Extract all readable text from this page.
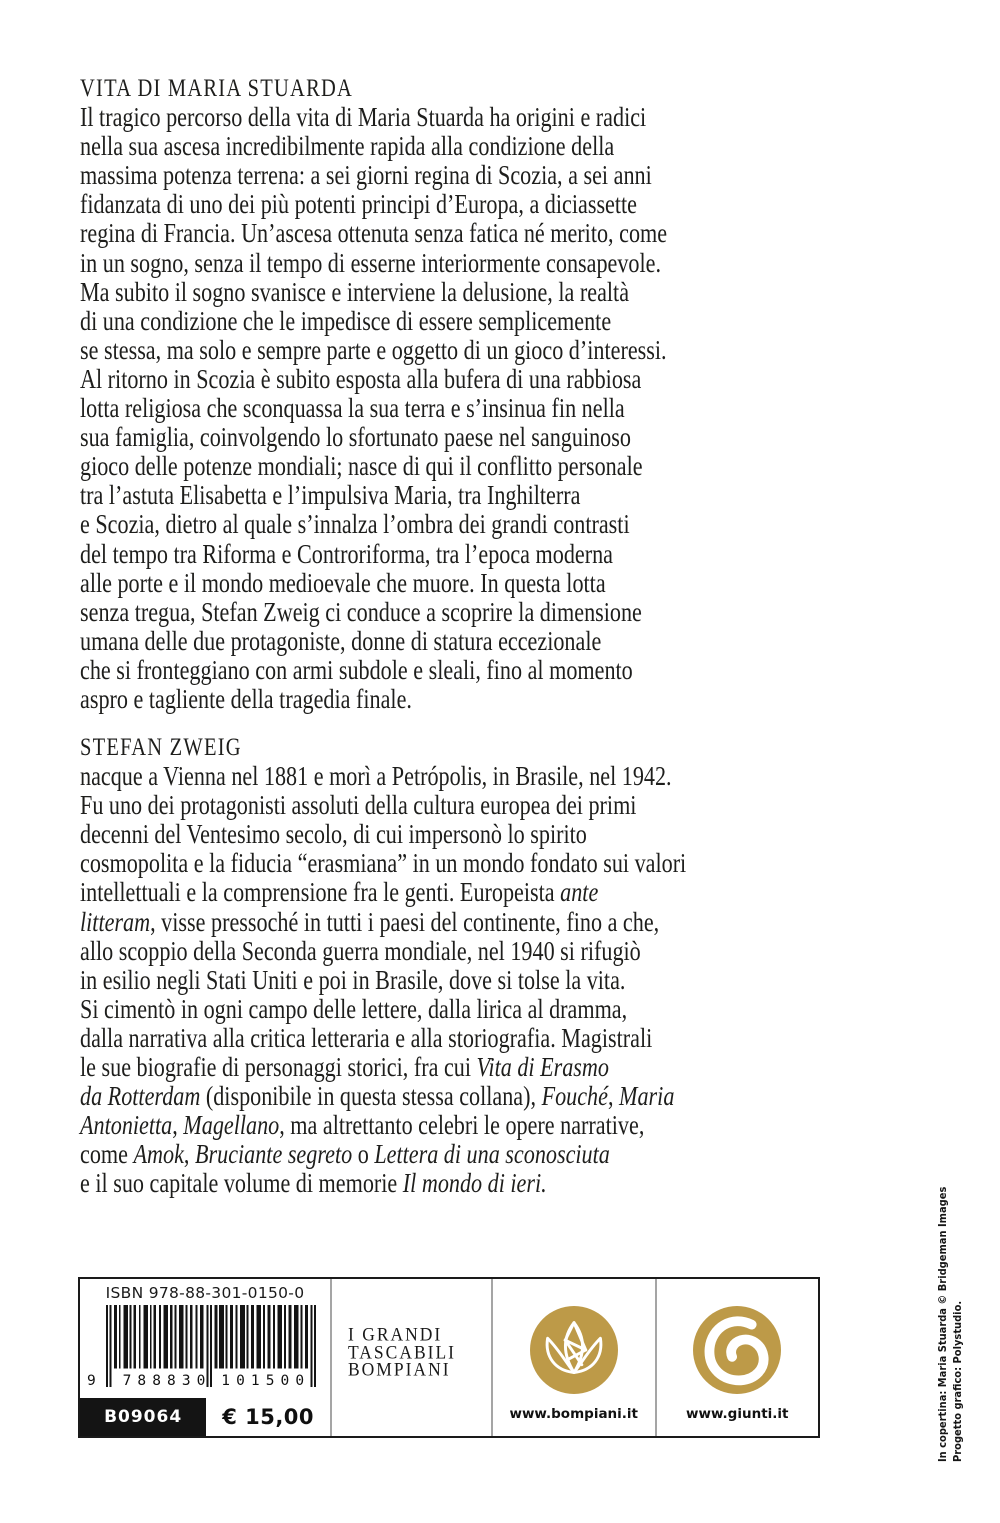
VITA DI MARIA STUARDA
Il tragico percorso della vita di Maria Stuarda ha origini e radici
nella sua ascesa incredibilmente rapida alla condizione della
massima potenza terrena: a sei giorni regina di Scozia, a sei anni
fidanzata di uno dei più potenti principi d’Europa, a diciassette
regina di Francia. Un’ascesa ottenuta senza fatica né merito, come
in un sogno, senza il tempo di esserne interiormente consapevole.
Ma subito il sogno svanisce e interviene la delusione, la realtà
di una condizione che le impedisce di essere semplicemente
se stessa, ma solo e sempre parte e oggetto di un gioco d’interessi.
Al ritorno in Scozia è subito esposta alla bufera di una rabbiosa
lotta religiosa che sconquassa la sua terra e s’insinua fin nella
sua famiglia, coinvolgendo lo sfortunato paese nel sanguinoso
gioco delle potenze mondiali; nasce di qui il conflitto personale
tra l’astuta Elisabetta e l’impulsiva Maria, tra Inghilterra
e Scozia, dietro al quale s’innalza l’ombra dei grandi contrasti
del tempo tra Riforma e Controriforma, tra l’epoca moderna
alle porte e il mondo medioevale che muore. In questa lotta
senza tregua, Stefan Zweig ci conduce a scoprire la dimensione
umana delle due protagoniste, donne di statura eccezionale
che si fronteggiano con armi subdole e sleali, fino al momento
aspro e tagliente della tragedia finale.
STEFAN ZWEIG
nacque a Vienna nel 1881 e morì a Petrópolis, in Brasile, nel 1942.
Fu uno dei protagonisti assoluti della cultura europea dei primi
decenni del Ventesimo secolo, di cui impersonò lo spirito
cosmopolita e la fiducia “erasmiana” in un mondo fondato sui valori
intellettuali e la comprensione fra le genti. Europeista ante
litteram, visse pressoché in tutti i paesi del continente, fino a che,
allo scoppio della Seconda guerra mondiale, nel 1940 si rifugiò
in esilio negli Stati Uniti e poi in Brasile, dove si tolse la vita.
Si cimentò in ogni campo delle lettere, dalla lirica al dramma,
dalla narrativa alla critica letteraria e alla storiografia. Magistrali
le sue biografie di personaggi storici, fra cui Vita di Erasmo
da Rotterdam (disponibile in questa stessa collana), Fouché, Maria
Antonietta, Magellano, ma altrettanto celebri le opere narrative,
come Amok, Bruciante segreto o Lettera di una sconosciuta
e il suo capitale volume di memorie Il mondo di ieri.
In copertina: Maria Stuarda © Bridgeman Images Progetto grafico: Polystudio.
ISBN 978-88-301-0150-0
9	788830 101500
B09064	€ 15,00
I GRANDI
TASCABILI
BOMPIANI
www.bompiani.it	www.giunti.it
